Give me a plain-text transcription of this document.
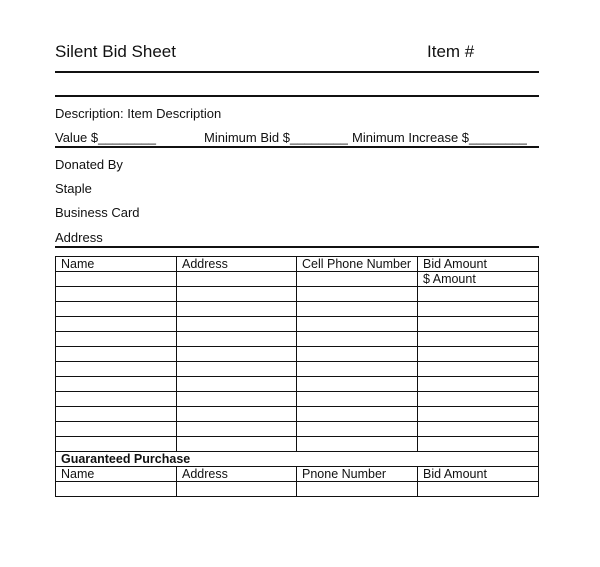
Silent Bid Sheet	Item #
Description: Item Description
Value $________	Minimum Bid $________ Minimum Increase $________
Donated By
Staple
Business Card
Address
Name	Address	Cell Phone Number	Bid Amount
			$ Amount

Guaranteed Purchase			
Name	Address	Pnone Number	Bid Amount
